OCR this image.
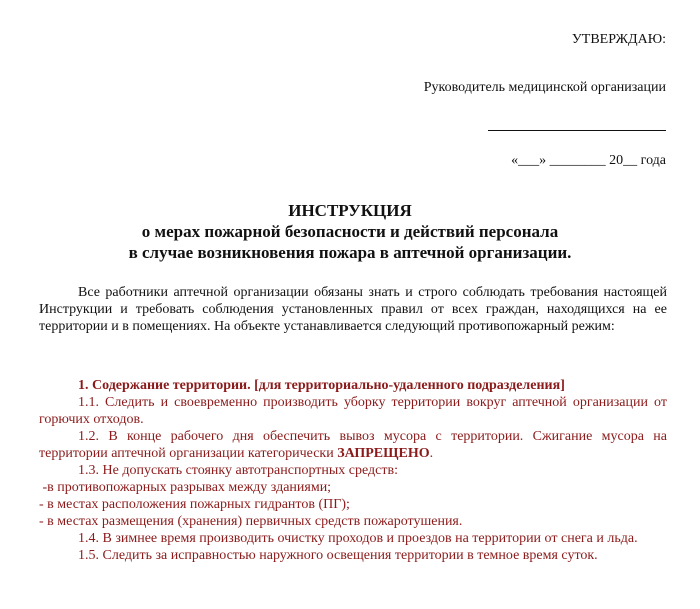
УТВЕРЖДАЮ:
Руководитель медицинской организации
«___» ________ 20__ года
ИНСТРУКЦИЯ
о мерах пожарной безопасности и действий персонала
в случае возникновения пожара в аптечной организации.

Все работники аптечной организации обязаны знать и строго соблюдать требования настоящей Инструкции и требовать соблюдения установленных правил от всех граждан, находящихся на ее территории и в помещениях. На объекте устанавливается следующий противопожарный режим:

1. Содержание территории. [для территориально-удаленного подразделения]

1.1. Следить и своевременно производить уборку территории вокруг аптечной организации от горючих отходов.

1.2. В конце рабочего дня обеспечить вывоз мусора с территории. Сжигание мусора на территории аптечной организации категорически ЗАПРЕЩЕНО.

1.3. Не допускать стоянку автотранспортных средств:

-в противопожарных разрывах между зданиями;

- в местах расположения пожарных гидрантов (ПГ);

- в местах размещения (хранения) первичных средств пожаротушения.

1.4. В зимнее время производить очистку проходов и проездов на территории от снега и льда.

1.5. Следить за исправностью наружного освещения территории в темное время суток.
